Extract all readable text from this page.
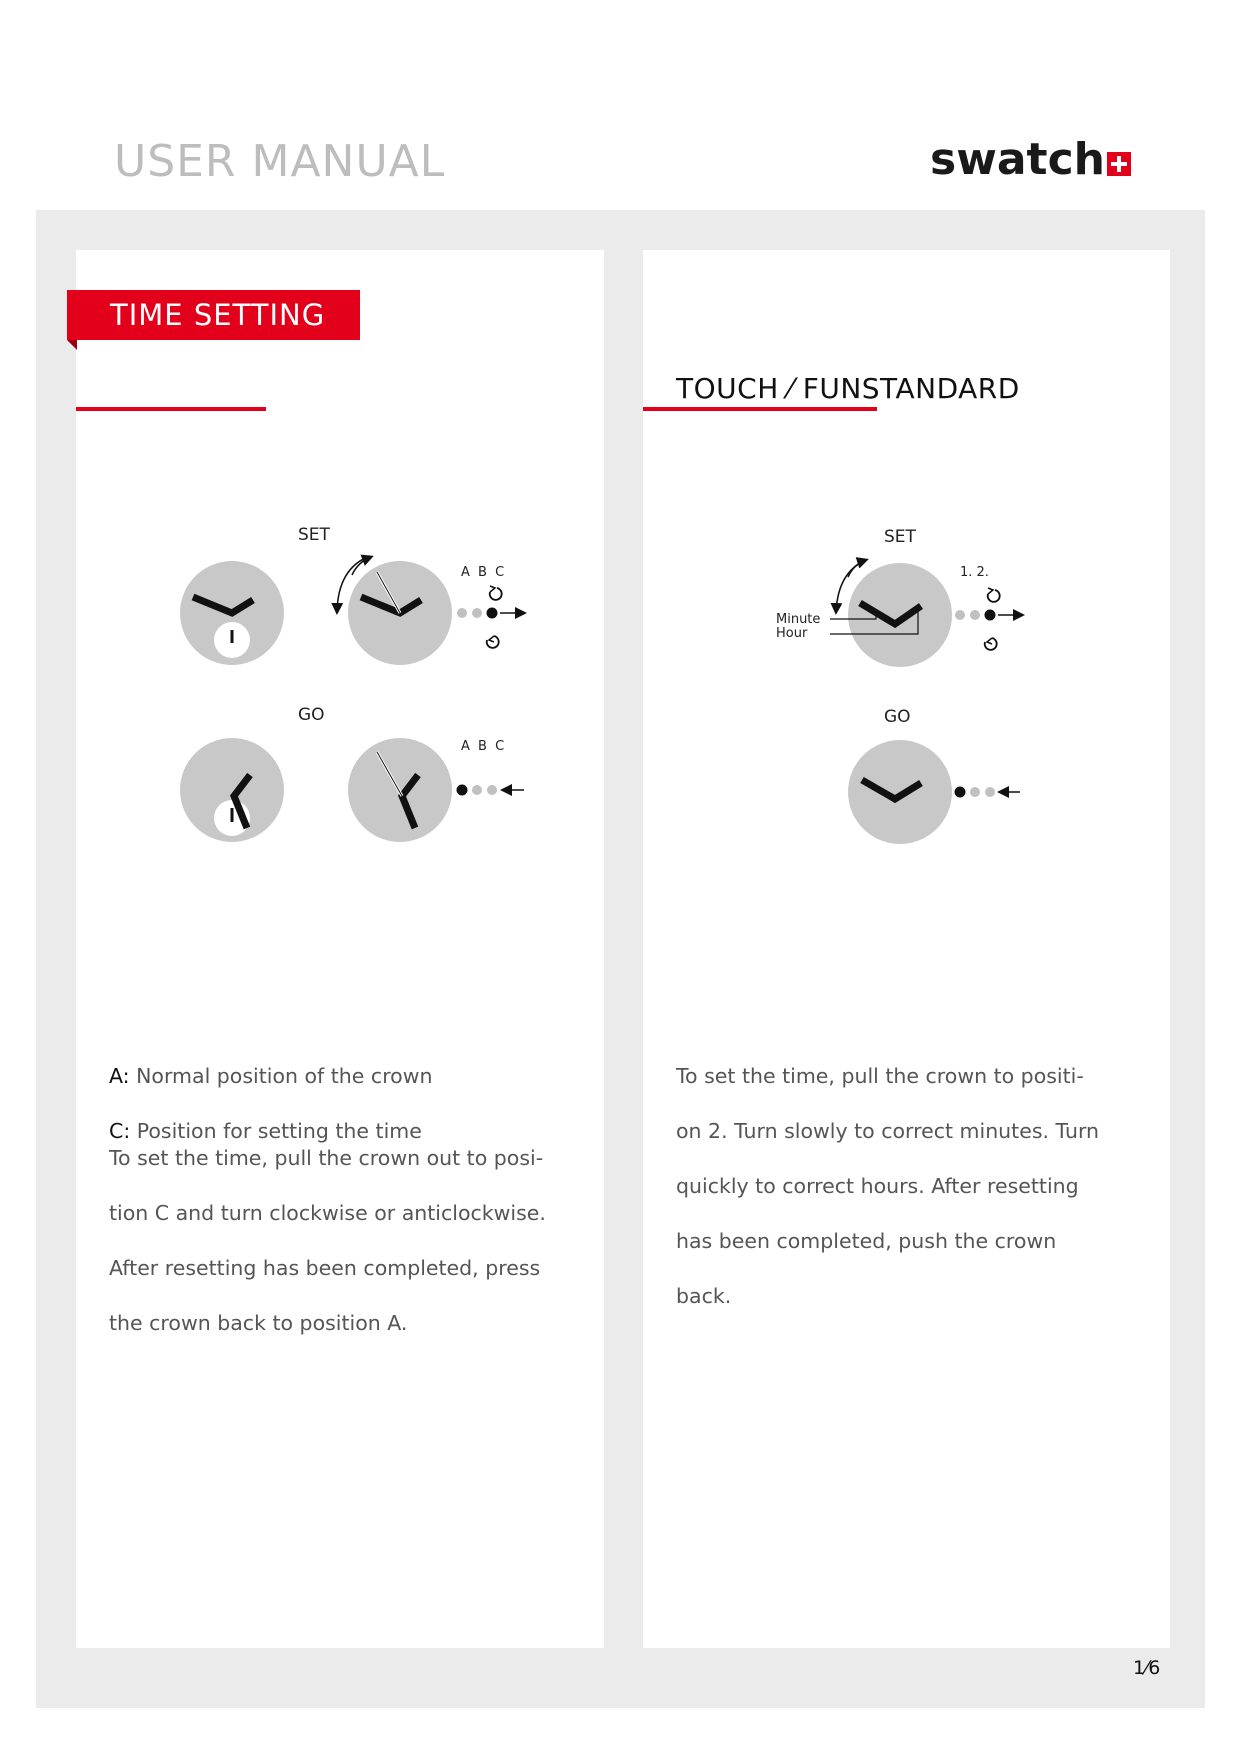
USER MANUAL	swatch
TIME SETTING
TOUCH ⁄ FUNSTANDARD
SET
GO
A B C
A B C
SET
GO
1. 2.
Minute
Hour

A: Normal position of the crown

C: Position for setting the time

To set the time, pull the crown out to posi-

tion C and turn clockwise or anticlockwise.

After resetting has been completed, press

the crown back to position A.

To set the time, pull the crown to positi-

on 2. Turn slowly to correct minutes. Turn

quickly to correct hours. After resetting

has been completed, push the crown

back.

1⁄6
